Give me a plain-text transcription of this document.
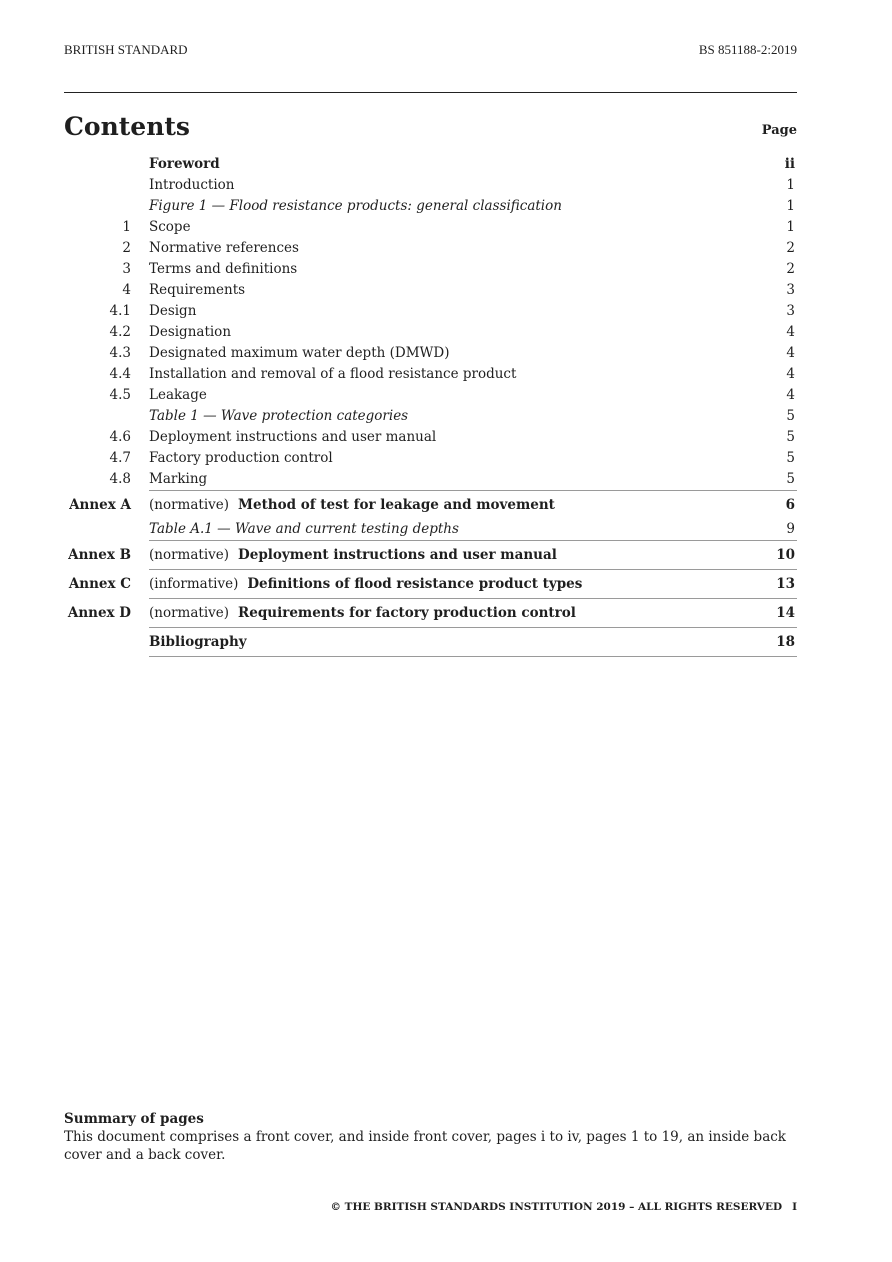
BRITISH STANDARD	BS 851188-2:2019
Contents	Page
Foreword	ii
Introduction	1
Figure 1 — Flood resistance products: general classification	1
1 Scope	1
2 Normative references	2
3 Terms and definitions	2
4 Requirements	3
4.1 Design	3
4.2 Designation	4
4.3 Designated maximum water depth (DMWD)	4
4.4 Installation and removal of a flood resistance product	4
4.5 Leakage	4
Table 1 — Wave protection categories	5
4.6 Deployment instructions and user manual	5
4.7 Factory production control	5
4.8 Marking	5
Annex A (normative) Method of test for leakage and movement	6
Table A.1 — Wave and current testing depths	9
Annex B (normative) Deployment instructions and user manual	10
Annex C (informative) Definitions of flood resistance product types	13
Annex D (normative) Requirements for factory production control	14
Bibliography	18
Summary of pages
This document comprises a front cover, and inside front cover, pages i to iv, pages 1 to 19, an inside back cover and a back cover.
© THE BRITISH STANDARDS INSTITUTION 2019 – ALL RIGHTS RESERVED I
